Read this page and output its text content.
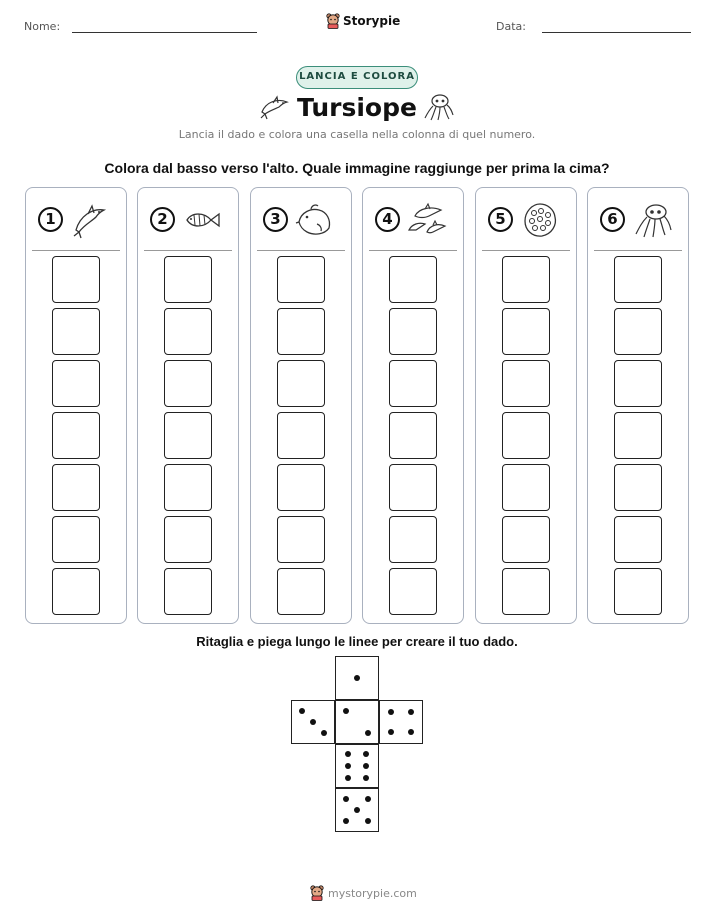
Nome:	Storypie	Data:
LANCIA E COLORA
Tursiope
Lancia il dado e colora una casella nella colonna di quel numero.
Colora dal basso verso l'alto. Quale immagine raggiunge per prima la cima?
1	2	3	4	5	6
Ritaglia e piega lungo le linee per creare il tuo dado.
mystorypie.com
